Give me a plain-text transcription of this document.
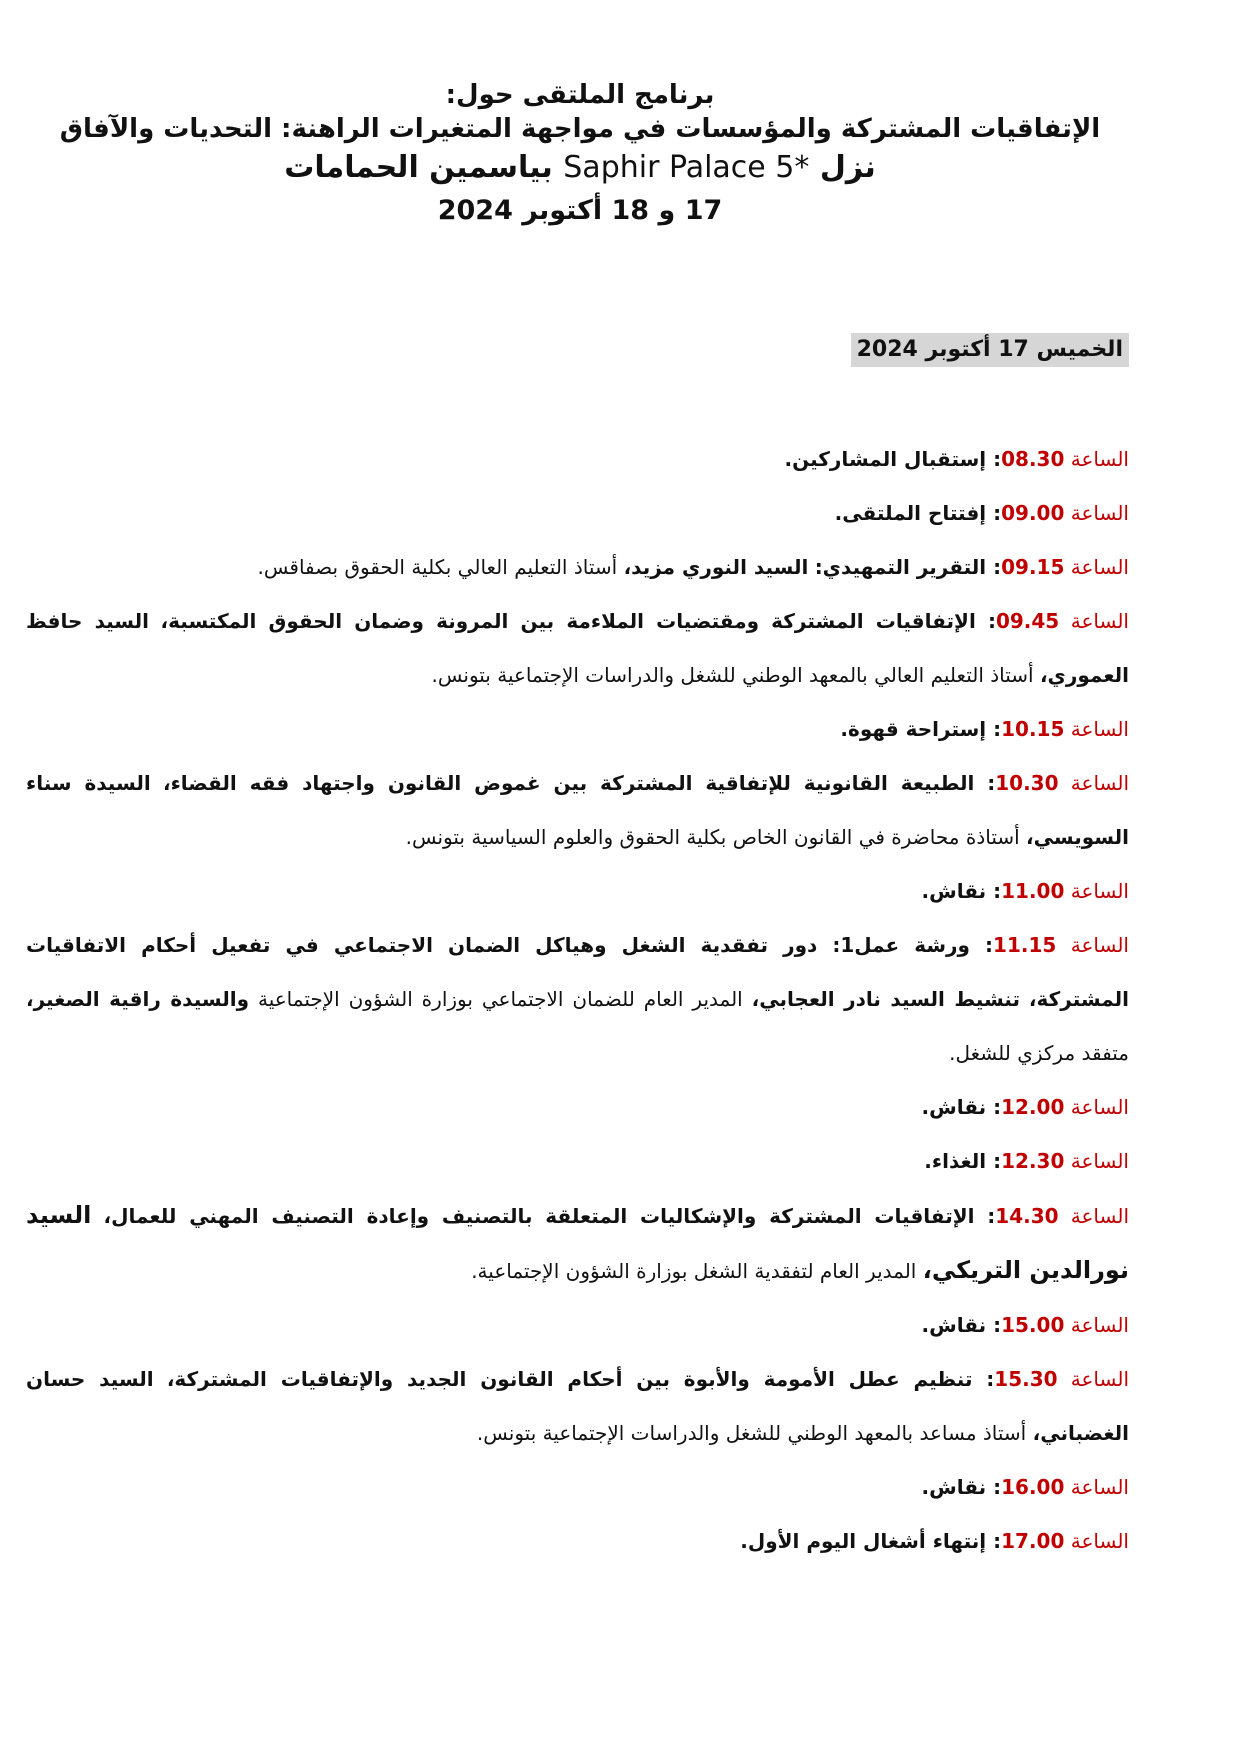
برنامج الملتقى حول:
الإتفاقيات المشتركة والمؤسسات في مواجهة المتغيرات الراهنة: التحديات والآفاق
نزل Saphir Palace 5* بياسمين الحمامات
17 و 18 أكتوبر 2024
الخميس 17 أكتوبر 2024

الساعة 08.30: إستقبال المشاركين.

الساعة 09.00: إفتتاح الملتقى.

الساعة 09.15: التقرير التمهيدي: السيد النوري مزيد، أستاذ التعليم العالي بكلية الحقوق بصفاقس.

الساعة 09.45: الإتفاقيات المشتركة ومقتضيات الملاءمة بين المرونة وضمان الحقوق المكتسبة، السيد حافظ العموري، أستاذ التعليم العالي بالمعهد الوطني للشغل والدراسات الإجتماعية بتونس.

الساعة 10.15: إستراحة قهوة.

الساعة 10.30: الطبيعة القانونية للإتفاقية المشتركة بين غموض القانون واجتهاد فقه القضاء، السيدة سناء السويسي، أستاذة محاضرة في القانون الخاص بكلية الحقوق والعلوم السياسية بتونس.

الساعة 11.00: نقاش.

الساعة 11.15: ورشة عمل1: دور تفقدية الشغل وهياكل الضمان الاجتماعي في تفعيل أحكام الاتفاقيات المشتركة، تنشيط السيد نادر العجابي، المدير العام للضمان الاجتماعي بوزارة الشؤون الإجتماعية والسيدة راقية الصغير، متفقد مركزي للشغل.

الساعة 12.00: نقاش.

الساعة 12.30: الغذاء.

الساعة 14.30: الإتفاقيات المشتركة والإشكاليات المتعلقة بالتصنيف وإعادة التصنيف المهني للعمال، السيد نورالدين التريكي، المدير العام لتفقدية الشغل بوزارة الشؤون الإجتماعية.

الساعة 15.00: نقاش.

الساعة 15.30: تنظيم عطل الأمومة والأبوة بين أحكام القانون الجديد والإتفاقيات المشتركة، السيد حسان الغضباني، أستاذ مساعد بالمعهد الوطني للشغل والدراسات الإجتماعية بتونس.

الساعة 16.00: نقاش.

الساعة 17.00: إنتهاء أشغال اليوم الأول.
